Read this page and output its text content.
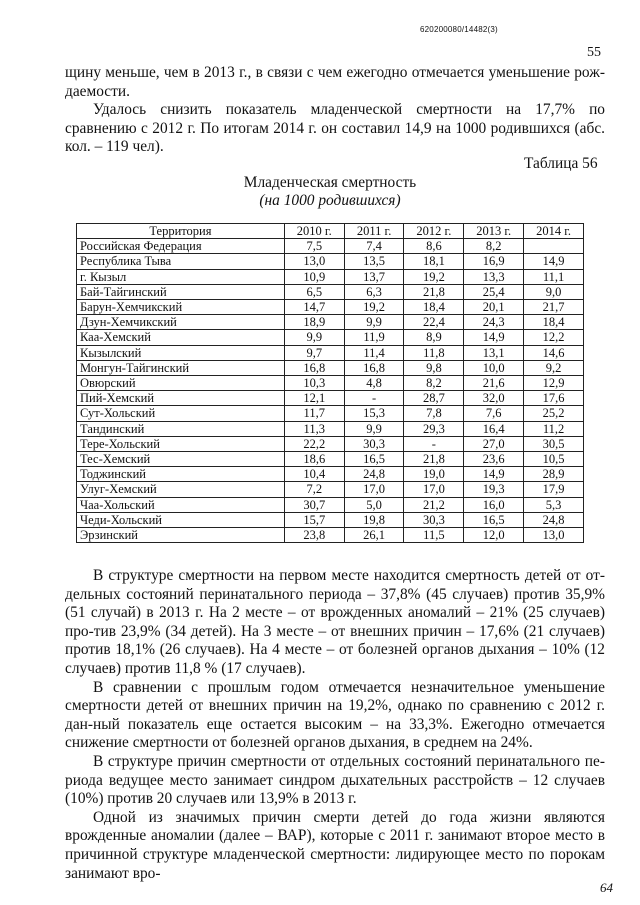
620200080/14482(3)
55

щину меньше, чем в 2013 г., в связи с чем ежегодно отмечается уменьшение рож-даемости.

Удалось снизить показатель младенческой смертности на 17,7% по сравнению с 2012 г. По итогам 2014 г. он составил 14,9 на 1000 родившихся (абс. кол. – 119 чел).

Таблица 56
Младенческая смертность
(на 1000 родившихся)
Территория	2010 г.	2011 г.	2012 г.	2013 г.	2014 г.
Российская Федерация	7,5	7,4	8,6	8,2	
Республика Тыва	13,0	13,5	18,1	16,9	14,9
г. Кызыл	10,9	13,7	19,2	13,3	11,1
Бай-Тайгинский	6,5	6,3	21,8	25,4	9,0
Барун-Хемчикский	14,7	19,2	18,4	20,1	21,7
Дзун-Хемчикский	18,9	9,9	22,4	24,3	18,4
Каа-Хемский	9,9	11,9	8,9	14,9	12,2
Кызылский	9,7	11,4	11,8	13,1	14,6
Монгун-Тайгинский	16,8	16,8	9,8	10,0	9,2
Овюрский	10,3	4,8	8,2	21,6	12,9
Пий-Хемский	12,1	-	28,7	32,0	17,6
Сут-Хольский	11,7	15,3	7,8	7,6	25,2
Тандинский	11,3	9,9	29,3	16,4	11,2
Тере-Хольский	22,2	30,3	-	27,0	30,5
Тес-Хемский	18,6	16,5	21,8	23,6	10,5
Тоджинский	10,4	24,8	19,0	14,9	28,9
Улуг-Хемский	7,2	17,0	17,0	19,3	17,9
Чаа-Хольский	30,7	5,0	21,2	16,0	5,3
Чеди-Хольский	15,7	19,8	30,3	16,5	24,8
Эрзинский	23,8	26,1	11,5	12,0	13,0

В структуре смертности на первом месте находится смертность детей от от-дельных состояний перинатального периода – 37,8% (45 случаев) против 35,9% (51 случай) в 2013 г. На 2 месте – от врожденных аномалий – 21% (25 случаев) про-тив 23,9% (34 детей). На 3 месте – от внешних причин – 17,6% (21 случаев) против 18,1% (26 случаев). На 4 месте – от болезней органов дыхания – 10% (12 случаев) против 11,8 % (17 случаев).

В сравнении с прошлым годом отмечается незначительное уменьшение смертности детей от внешних причин на 19,2%, однако по сравнению с 2012 г. дан-ный показатель еще остается высоким – на 33,3%. Ежегодно отмечается снижение смертности от болезней органов дыхания, в среднем на 24%.

В структуре причин смертности от отдельных состояний перинатального пе-риода ведущее место занимает синдром дыхательных расстройств – 12 случаев (10%) против 20 случаев или 13,9% в 2013 г.

Одной из значимых причин смерти детей до года жизни являются врожденные аномалии (далее – ВАР), которые с 2011 г. занимают второе место в причинной структуре младенческой смертности: лидирующее место по порокам занимают вро-

64
